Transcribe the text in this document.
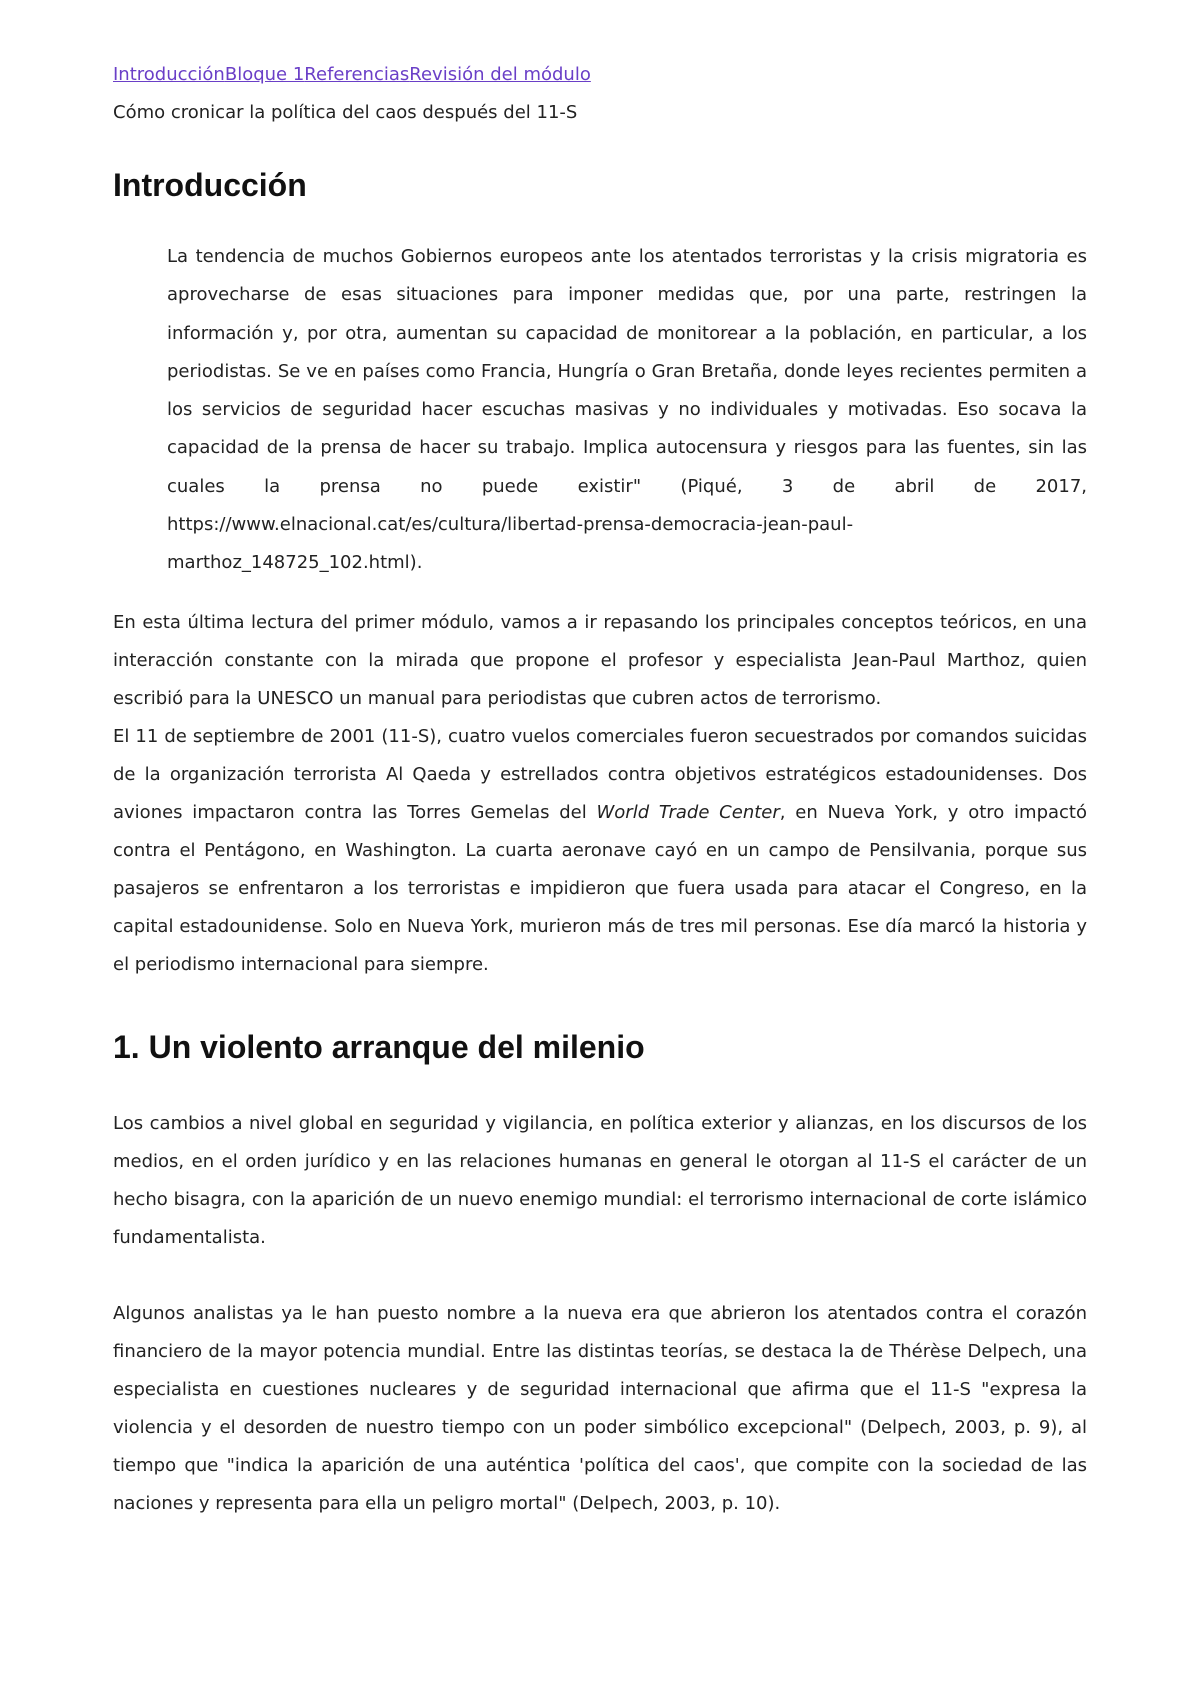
IntroducciónBloque 1ReferenciasRevisión del módulo
Cómo cronicar la política del caos después del 11-S
Introducción

La tendencia de muchos Gobiernos europeos ante los atentados terroristas y la crisis migratoria es aprovecharse de esas situaciones para imponer medidas que, por una parte, restringen la información y, por otra, aumentan su capacidad de monitorear a la población, en particular, a los periodistas. Se ve en países como Francia, Hungría o Gran Bretaña, donde leyes recientes permiten a los servicios de seguridad hacer escuchas masivas y no individuales y motivadas. Eso socava la capacidad de la prensa de hacer su trabajo. Implica autocensura y riesgos para las fuentes, sin las cuales la prensa no puede existir" (Piqué, 3 de abril de 2017, https://www.elnacional.cat/es/cultura/libertad-prensa-democracia-jean-paul-marthoz_148725_102.html).

En esta última lectura del primer módulo, vamos a ir repasando los principales conceptos teóricos, en una interacción constante con la mirada que propone el profesor y especialista Jean-Paul Marthoz, quien escribió para la UNESCO un manual para periodistas que cubren actos de terrorismo.

El 11 de septiembre de 2001 (11-S), cuatro vuelos comerciales fueron secuestrados por comandos suicidas de la organización terrorista Al Qaeda y estrellados contra objetivos estratégicos estadounidenses. Dos aviones impactaron contra las Torres Gemelas del World Trade Center, en Nueva York, y otro impactó contra el Pentágono, en Washington. La cuarta aeronave cayó en un campo de Pensilvania, porque sus pasajeros se enfrentaron a los terroristas e impidieron que fuera usada para atacar el Congreso, en la capital estadounidense. Solo en Nueva York, murieron más de tres mil personas. Ese día marcó la historia y el periodismo internacional para siempre.

1. Un violento arranque del milenio

Los cambios a nivel global en seguridad y vigilancia, en política exterior y alianzas, en los discursos de los medios, en el orden jurídico y en las relaciones humanas en general le otorgan al 11-S el carácter de un hecho bisagra, con la aparición de un nuevo enemigo mundial: el terrorismo internacional de corte islámico fundamentalista.

Algunos analistas ya le han puesto nombre a la nueva era que abrieron los atentados contra el corazón financiero de la mayor potencia mundial. Entre las distintas teorías, se destaca la de Thérèse Delpech, una especialista en cuestiones nucleares y de seguridad internacional que afirma que el 11-S "expresa la violencia y el desorden de nuestro tiempo con un poder simbólico excepcional" (Delpech, 2003, p. 9), al tiempo que "indica la aparición de una auténtica 'política del caos', que compite con la sociedad de las naciones y representa para ella un peligro mortal" (Delpech, 2003, p. 10).
